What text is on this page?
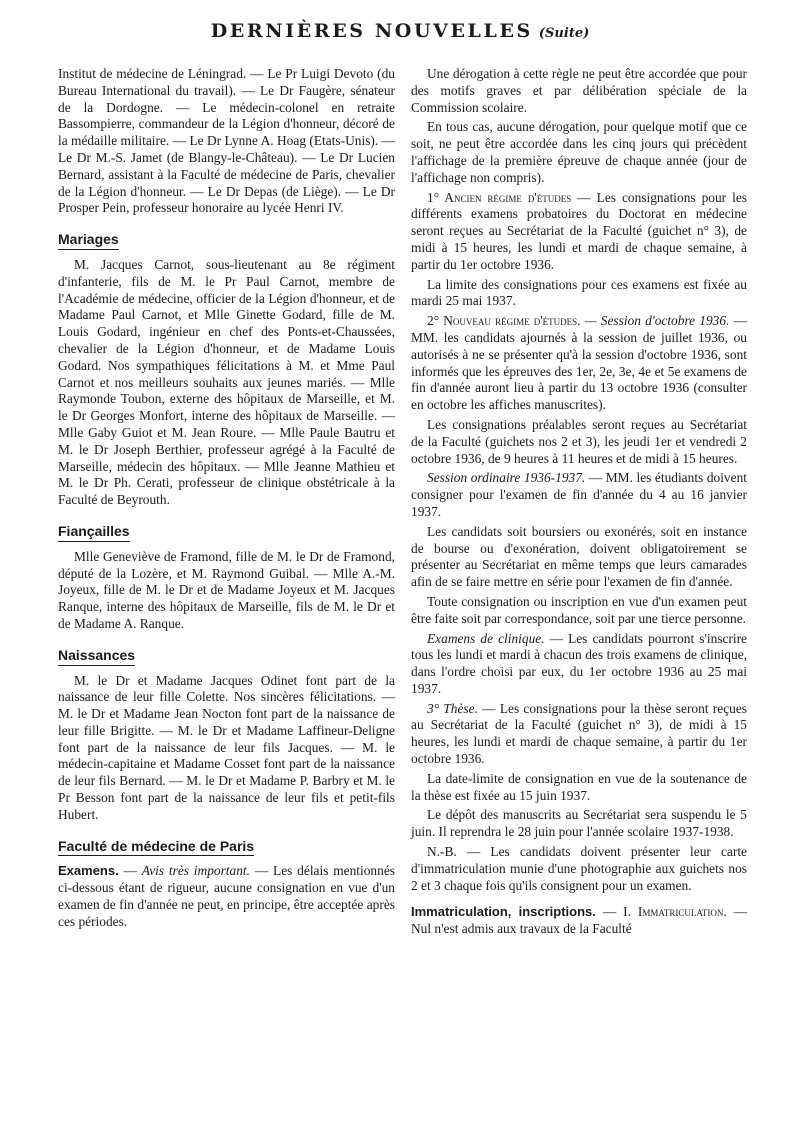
DERNIÈRES NOUVELLES (Suite)

Institut de médecine de Léningrad. — Le Pr Luigi Devoto (du Bureau International du travail). — Le Dr Faugère, sénateur de la Dordogne. — Le médecin-colonel en retraite Bassompierre, commandeur de la Légion d'honneur, décoré de la médaille militaire. — Le Dr Lynne A. Hoag (Etats-Unis). — Le Dr M.-S. Jamet (de Blangy-le-Château). — Le Dr Lucien Bernard, assistant à la Faculté de médecine de Paris, chevalier de la Légion d'honneur. — Le Dr Depas (de Liège). — Le Dr Prosper Pein, professeur honoraire au lycée Henri IV.

Mariages

M. Jacques Carnot, sous-lieutenant au 8e régiment d'infanterie, fils de M. le Pr Paul Carnot, membre de l'Académie de médecine, officier de la Légion d'honneur, et de Madame Paul Carnot, et Mlle Ginette Godard, fille de M. Louis Godard, ingénieur en chef des Ponts-et-Chaussées, chevalier de la Légion d'honneur, et de Madame Louis Godard. Nos sympathiques félicitations à M. et Mme Paul Carnot et nos meilleurs souhaits aux jeunes mariés. — Mlle Raymonde Toubon, externe des hôpitaux de Marseille, et M. le Dr Georges Monfort, interne des hôpitaux de Marseille. — Mlle Gaby Guiot et M. Jean Roure. — Mlle Paule Bautru et M. le Dr Joseph Berthier, professeur agrégé à la Faculté de Marseille, médecin des hôpitaux. — Mlle Jeanne Mathieu et M. le Dr Ph. Cerati, professeur de clinique obstétricale à la Faculté de Beyrouth.

Fiançailles

Mlle Geneviève de Framond, fille de M. le Dr de Framond, député de la Lozère, et M. Raymond Guibal. — Mlle A.-M. Joyeux, fille de M. le Dr et de Madame Joyeux et M. Jacques Ranque, interne des hôpitaux de Marseille, fils de M. le Dr et de Madame A. Ranque.

Naissances

M. le Dr et Madame Jacques Odinet font part de la naissance de leur fille Colette. Nos sincères félicitations. — M. le Dr et Madame Jean Nocton font part de la naissance de leur fille Brigitte. — M. le Dr et Madame Laffineur-Deligne font part de la naissance de leur fils Jacques. — M. le médecin-capitaine et Madame Cosset font part de la naissance de leur fils Bernard. — M. le Dr et Madame P. Barbry et M. le Pr Besson font part de la naissance de leur fils et petit-fils Hubert.

Faculté de médecine de Paris

Examens. — Avis très important. — Les délais mentionnés ci-dessous étant de rigueur, aucune consignation en vue d'un examen de fin d'année ne peut, en principe, être acceptée après ces périodes.

Une dérogation à cette règle ne peut être accordée que pour des motifs graves et par délibération spéciale de la Commission scolaire.

En tous cas, aucune dérogation, pour quelque motif que ce soit, ne peut être accordée dans les cinq jours qui précèdent l'affichage de la première épreuve de chaque année (jour de l'affichage non compris).

1° Ancien régime d'études — Les consignations pour les différents examens probatoires du Doctorat en médecine seront reçues au Secrétariat de la Faculté (guichet n° 3), de midi à 15 heures, les lundi et mardi de chaque semaine, à partir du 1er octobre 1936.

La limite des consignations pour ces examens est fixée au mardi 25 mai 1937.

2° Nouveau régime d'études. — Session d'octobre 1936. — MM. les candidats ajournés à la session de juillet 1936, ou autorisés à ne se présenter qu'à la session d'octobre 1936, sont informés que les épreuves des 1er, 2e, 3e, 4e et 5e examens de fin d'année auront lieu à partir du 13 octobre 1936 (consulter en octobre les affiches manuscrites).

Les consignations préalables seront reçues au Secrétariat de la Faculté (guichets nos 2 et 3), les jeudi 1er et vendredi 2 octobre 1936, de 9 heures à 11 heures et de midi à 15 heures.

Session ordinaire 1936-1937. — MM. les étudiants doivent consigner pour l'examen de fin d'année du 4 au 16 janvier 1937.

Les candidats soit boursiers ou exonérés, soit en instance de bourse ou d'exonération, doivent obligatoirement se présenter au Secrétariat en même temps que leurs camarades afin de se faire mettre en série pour l'examen de fin d'année.

Toute consignation ou inscription en vue d'un examen peut être faite soit par correspondance, soit par une tierce personne.

Examens de clinique. — Les candidats pourront s'inscrire tous les lundi et mardi à chacun des trois examens de clinique, dans l'ordre choisi par eux, du 1er octobre 1936 au 25 mai 1937.

3° Thèse. — Les consignations pour la thèse seront reçues au Secrétariat de la Faculté (guichet n° 3), de midi à 15 heures, les lundi et mardi de chaque semaine, à partir du 1er octobre 1936.

La date-limite de consignation en vue de la soutenance de la thèse est fixée au 15 juin 1937.

Le dépôt des manuscrits au Secrétariat sera suspendu le 5 juin. Il reprendra le 28 juin pour l'année scolaire 1937-1938.

N.-B. — Les candidats doivent présenter leur carte d'immatriculation munie d'une photographie aux guichets nos 2 et 3 chaque fois qu'ils consignent pour un examen.

Immatriculation, inscriptions. — I. Immatriculation. — Nul n'est admis aux travaux de la Faculté
